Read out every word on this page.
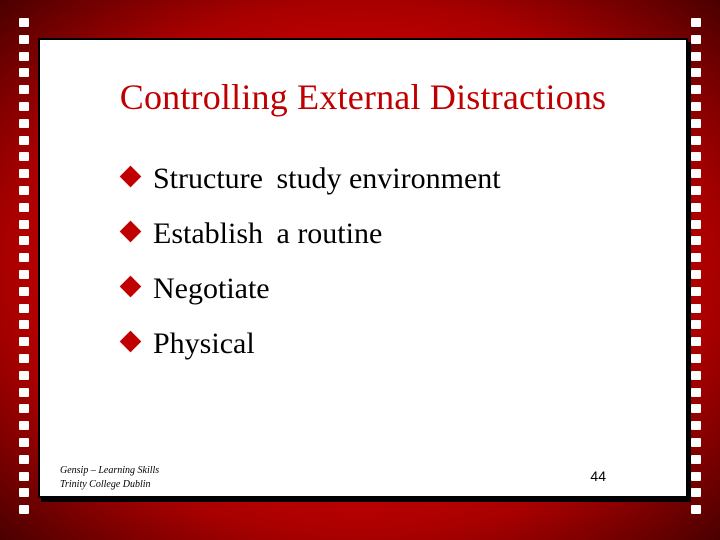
Controlling External Distractions
Structure study environment
Establish a routine
Negotiate
Physical
Gensip – Learning Skills
Trinity College Dublin
44
